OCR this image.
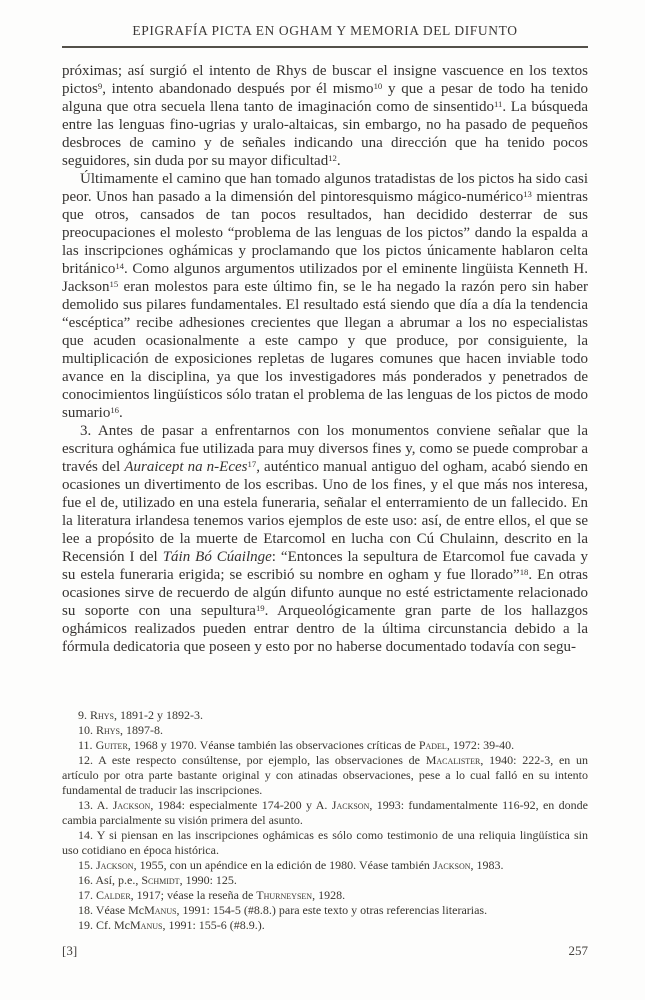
EPIGRAFÍA PICTA EN OGHAM Y MEMORIA DEL DIFUNTO

próximas; así surgió el intento de Rhys de buscar el insigne vascuence en los textos pictos$^9$, intento abandonado después por él mismo$^{10}$ y que a pesar de todo ha tenido alguna que otra secuela llena tanto de imaginación como de sinsentido$^{11}$. La búsqueda entre las lenguas fino-ugrias y uralo-altaicas, sin embargo, no ha pasado de pequeños desbroces de camino y de señales indicando una dirección que ha tenido pocos seguidores, sin duda por su mayor dificultad$^{12}$.

Últimamente el camino que han tomado algunos tratadistas de los pictos ha sido casi peor. Unos han pasado a la dimensión del pintoresquismo mágico-numérico$^{13}$ mientras que otros, cansados de tan pocos resultados, han decidido desterrar de sus preocupaciones el molesto “problema de las lenguas de los pictos” dando la espalda a las inscripciones oghámicas y proclamando que los pictos únicamente hablaron celta británico$^{14}$. Como algunos argumentos utilizados por el eminente lingüista Kenneth H. Jackson$^{15}$ eran molestos para este último fin, se le ha negado la razón pero sin haber demolido sus pilares fundamentales. El resultado está siendo que día a día la tendencia “escéptica” recibe adhesiones crecientes que llegan a abrumar a los no especialistas que acuden ocasionalmente a este campo y que produce, por consiguiente, la multiplicación de exposiciones repletas de lugares comunes que hacen inviable todo avance en la disciplina, ya que los investigadores más ponderados y penetrados de conocimientos lingüísticos sólo tratan el problema de las lenguas de los pictos de modo sumario$^{16}$.

3. Antes de pasar a enfrentarnos con los monumentos conviene señalar que la escritura oghámica fue utilizada para muy diversos fines y, como se puede comprobar a través del Auraicept na n-Eces$^{17}$, auténtico manual antiguo del ogham, acabó siendo en ocasiones un divertimento de los escribas. Uno de los fines, y el que más nos interesa, fue el de, utilizado en una estela funeraria, señalar el enterramiento de un fallecido. En la literatura irlandesa tenemos varios ejemplos de este uso: así, de entre ellos, el que se lee a propósito de la muerte de Etarcomol en lucha con Cú Chulainn, descrito en la Recensión I del Táin Bó Cúailnge: “Entonces la sepultura de Etarcomol fue cavada y su estela funeraria erigida; se escribió su nombre en ogham y fue llorado”$^{18}$. En otras ocasiones sirve de recuerdo de algún difunto aunque no esté estrictamente relacionado su soporte con una sepultura$^{19}$. Arqueológicamente gran parte de los hallazgos oghámicos realizados pueden entrar dentro de la última circunstancia debido a la fórmula dedicatoria que poseen y esto por no haberse documentado todavía con segu-

9. Rhys, 1891-2 y 1892-3.

10. Rhys, 1897-8.

11. Guiter, 1968 y 1970. Véanse también las observaciones críticas de Padel, 1972: 39-40.

12. A este respecto consúltense, por ejemplo, las observaciones de Macalister, 1940: 222-3, en un artículo por otra parte bastante original y con atinadas observaciones, pese a lo cual falló en su intento fundamental de traducir las inscripciones.

13. A. Jackson, 1984: especialmente 174-200 y A. Jackson, 1993: fundamentalmente 116-92, en donde cambia parcialmente su visión primera del asunto.

14. Y si piensan en las inscripciones oghámicas es sólo como testimonio de una reliquia lingüística sin uso cotidiano en época histórica.

15. Jackson, 1955, con un apéndice en la edición de 1980. Véase también Jackson, 1983.

16. Así, p.e., Schmidt, 1990: 125.

17. Calder, 1917; véase la reseña de Thurneysen, 1928.

18. Véase McManus, 1991: 154-5 (#8.8.) para este texto y otras referencias literarias.

19. Cf. McManus, 1991: 155-6 (#8.9.).

[3]	257
